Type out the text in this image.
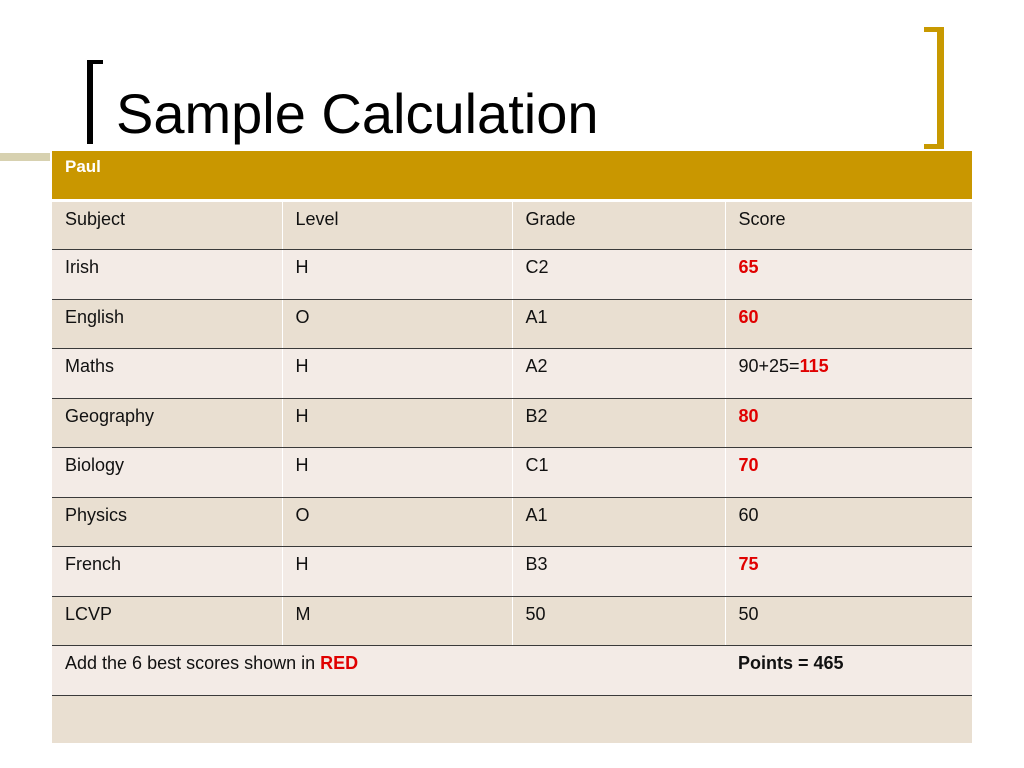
Sample Calculation
Paul			
Subject	Level	Grade	Score
Irish	H	C2	65
English	O	A1	60
Maths	H	A2	90+25=115
Geography	H	B2	80
Biology	H	C1	70
Physics	O	A1	60
French	H	B3	75
LCVP	M	50	50
Add the 6 best scores shown in RED			Points = 465
